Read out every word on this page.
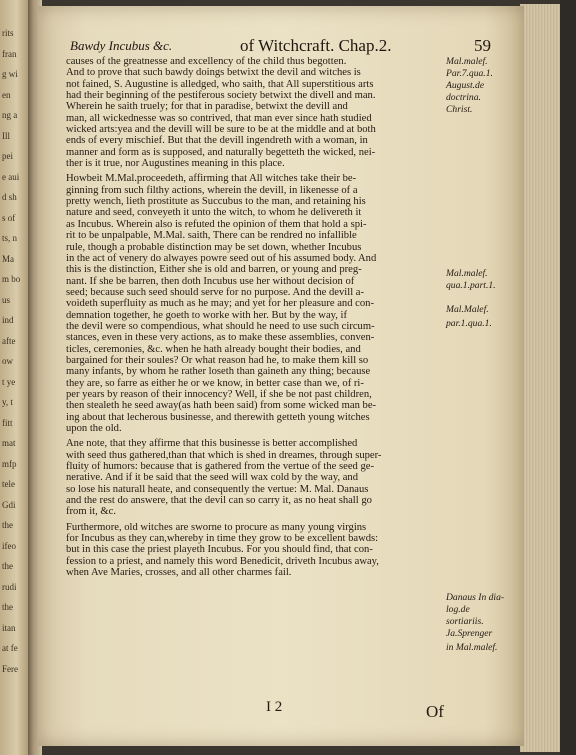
rits
fran
g wi
en
ng a
Ill
pei
e aui
d sh
s of
ts, n
Ma
m bo
us
ind
afte
ow
t ye
y, t
fitt
mat
mfp
tele
Gdi
the
ifeo
the
rudi
the
itan
at fe
Fere
Bawdy Incubus &c.	of Witchcraft. Chap.2.	59

causes of the greatnesse and excellency of the child thus begotten.

And to prove that such bawdy doings betwixt the devil and witches is

not fained, S. Augustine is alledged, who saith, that All superstitious arts

had their beginning of the pestiferous society betwixt the divell and man.

Wherein he saith truely; for that in paradise, betwixt the devill and

man, all wickednesse was so contrived, that man ever since hath studied

wicked arts:yea and the devill will be sure to be at the middle and at both

ends of every mischief. But that the devill ingendreth with a woman, in

manner and form as is supposed, and naturally begetteth the wicked, nei-

ther is it true, nor Augustines meaning in this place.

Howbeit M.Mal.proceedeth, affirming that All witches take their be-

ginning from such filthy actions, wherein the devill, in likenesse of a

pretty wench, lieth prostitute as Succubus to the man, and retaining his

nature and seed, conveyeth it unto the witch, to whom he delivereth it

as Incubus. Wherein also is refuted the opinion of them that hold a spi-

rit to be unpalpable, M.Mal. saith, There can be rendred no infallible

rule, though a probable distinction may be set down, whether Incubus

in the act of venery do alwayes powre seed out of his assumed body. And

this is the distinction, Either she is old and barren, or young and preg-

nant. If she be barren, then doth Incubus use her without decision of

seed; because such seed should serve for no purpose. And the devill a-

voideth superfluity as much as he may; and yet for her pleasure and con-

demnation together, he goeth to worke with her. But by the way, if

the devil were so compendious, what should he need to use such circum-

stances, even in these very actions, as to make these assemblies, conven-

ticles, ceremonies, &c. when he hath already bought their bodies, and

bargained for their soules? Or what reason had he, to make them kill so

many infants, by whom he rather loseth than gaineth any thing; because

they are, so farre as either he or we know, in better case than we, of ri-

per years by reason of their innocency? Well, if she be not past children,

then stealeth he seed away(as hath been said) from some wicked man be-

ing about that lecherous businesse, and therewith getteth young witches

upon the old.

Ane note, that they affirme that this businesse is better accomplished

with seed thus gathered,than that which is shed in dreames, through super-

fluity of humors: because that is gathered from the vertue of the seed ge-

nerative. And if it be said that the seed will wax cold by the way, and

so lose his naturall heate, and consequently the vertue: M. Mal. Danaus

and the rest do answere, that the devil can so carry it, as no heat shall go

from it, &c.

Furthermore, old witches are sworne to procure as many young virgins

for Incubus as they can,whereby in time they grow to be excellent bawds:

but in this case the priest playeth Incubus. For you should find, that con-

fession to a priest, and namely this word Benedicit, driveth Incubus away,

when Ave Maries, crosses, and all other charmes fail.

Mal.malef.
Par.7.qua.1.
August.de
doctrina.
Christ.
Mal.malef.
qua.1.part.1.
Mal.Malef.
par.1.qua.1.
Danaus In dia-
log.de
sortiariis.
Ja.Sprenger
in Mal.malef.
I 2	Of
